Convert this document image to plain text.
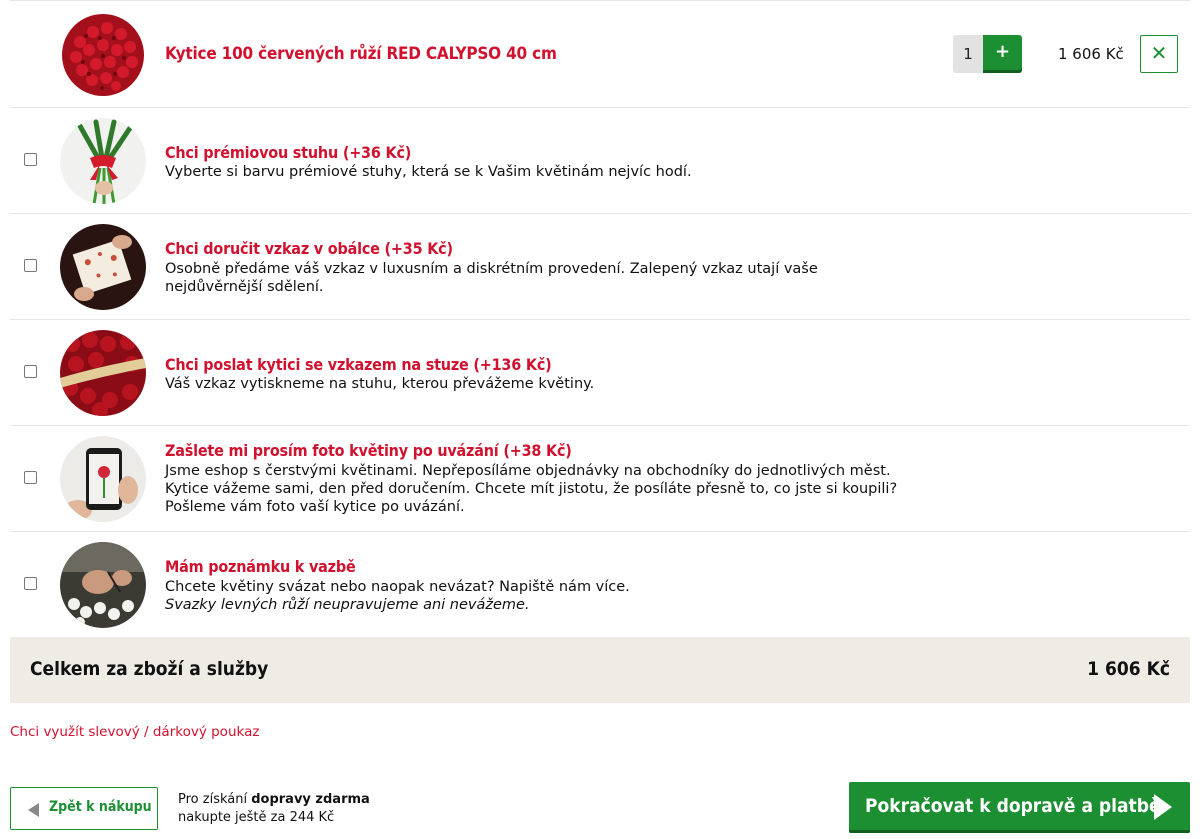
Kytice 100 červených růží RED CALYPSO 40 cm	1	+	1 606 Kč	✕
Chci prémiovou stuhu (+36 Kč)
Vyberte si barvu prémiové stuhy, která se k Vašim květinám nejvíc hodí.
Chci doručit vzkaz v obálce (+35 Kč)
Osobně předáme váš vzkaz v luxusním a diskrétním provedení. Zalepený vzkaz utají vaše nejdůvěrnější sdělení.
Chci poslat kytici se vzkazem na stuze (+136 Kč)
Váš vzkaz vytiskneme na stuhu, kterou převážeme květiny.
Zašlete mi prosím foto květiny po uvázání (+38 Kč)
Jsme eshop s čerstvými květinami. Nepřeposíláme objednávky na obchodníky do jednotlivých měst. Kytice vážeme sami, den před doručením. Chcete mít jistotu, že posíláte přesně to, co jste si koupili? Pošleme vám foto vaší kytice po uvázání.
Mám poznámku k vazbě
Chcete květiny svázat nebo naopak nevázat? Napiště nám více.
Svazky levných růží neupravujeme ani nevážeme.
Celkem za zboží a služby	1 606 Kč
Chci využít slevový / dárkový poukaz
Zpět k nákupu Pro získání dopravy zdarma
nakupte ještě za 244 Kč
Pokračovat k dopravě a platbě
